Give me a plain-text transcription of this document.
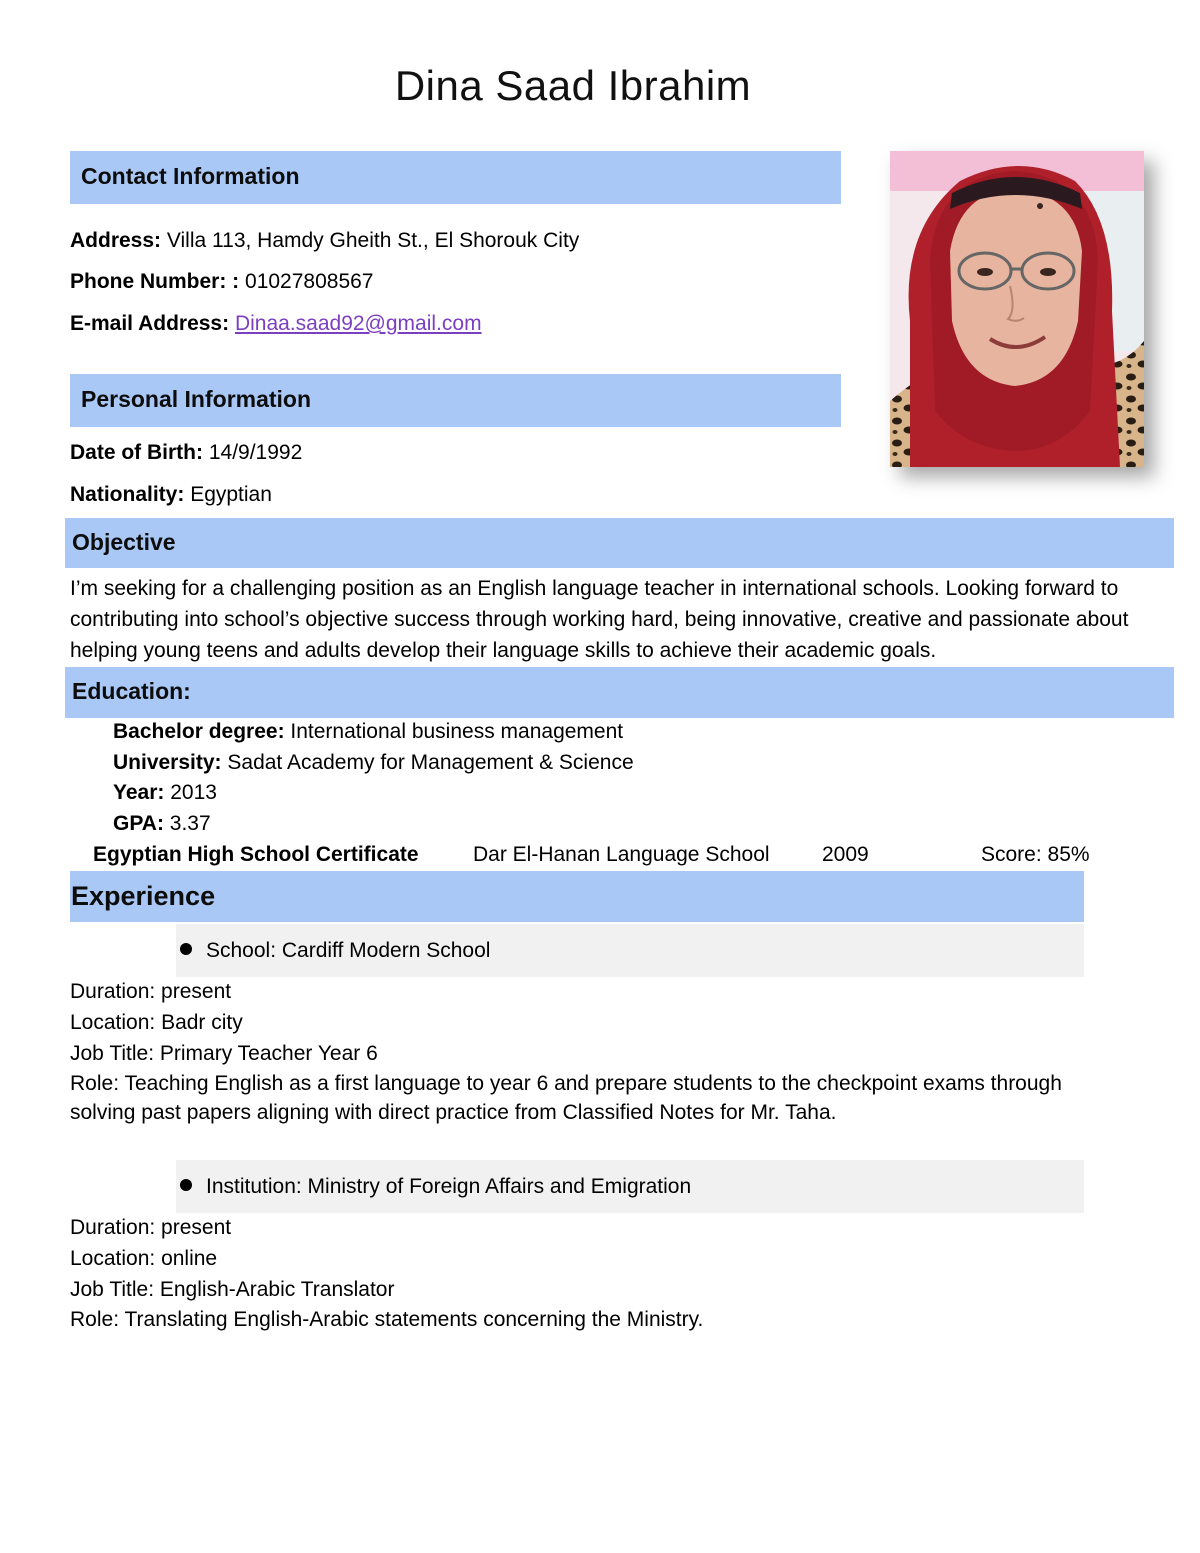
Dina Saad Ibrahim
Contact Information
Address: Villa 113, Hamdy Gheith St., El Shorouk City
Phone Number: : 01027808567
E-mail Address: Dinaa.saad92@gmail.com
Personal Information
Date of Birth: 14/9/1992
Nationality: Egyptian
Objective
I’m seeking for a challenging position as an English language teacher in international schools. Looking forward to contributing into school’s objective success through working hard, being innovative, creative and passionate about helping young teens and adults develop their language skills to achieve their academic goals.
Education:
Bachelor degree: International business management
University: Sadat Academy for Management & Science
Year: 2013
GPA: 3.37
Egyptian High School Certificate	Dar El-Hanan Language School 2009	Score: 85%
Experience
School: Cardiff Modern School
Duration: present
Location: Badr city
Job Title: Primary Teacher Year 6
Role: Teaching English as a first language to year 6 and prepare students to the checkpoint exams through
solving past papers aligning with direct practice from Classified Notes for Mr. Taha.
Institution: Ministry of Foreign Affairs and Emigration
Duration: present
Location: online
Job Title: English-Arabic Translator
Role: Translating English-Arabic statements concerning the Ministry.
